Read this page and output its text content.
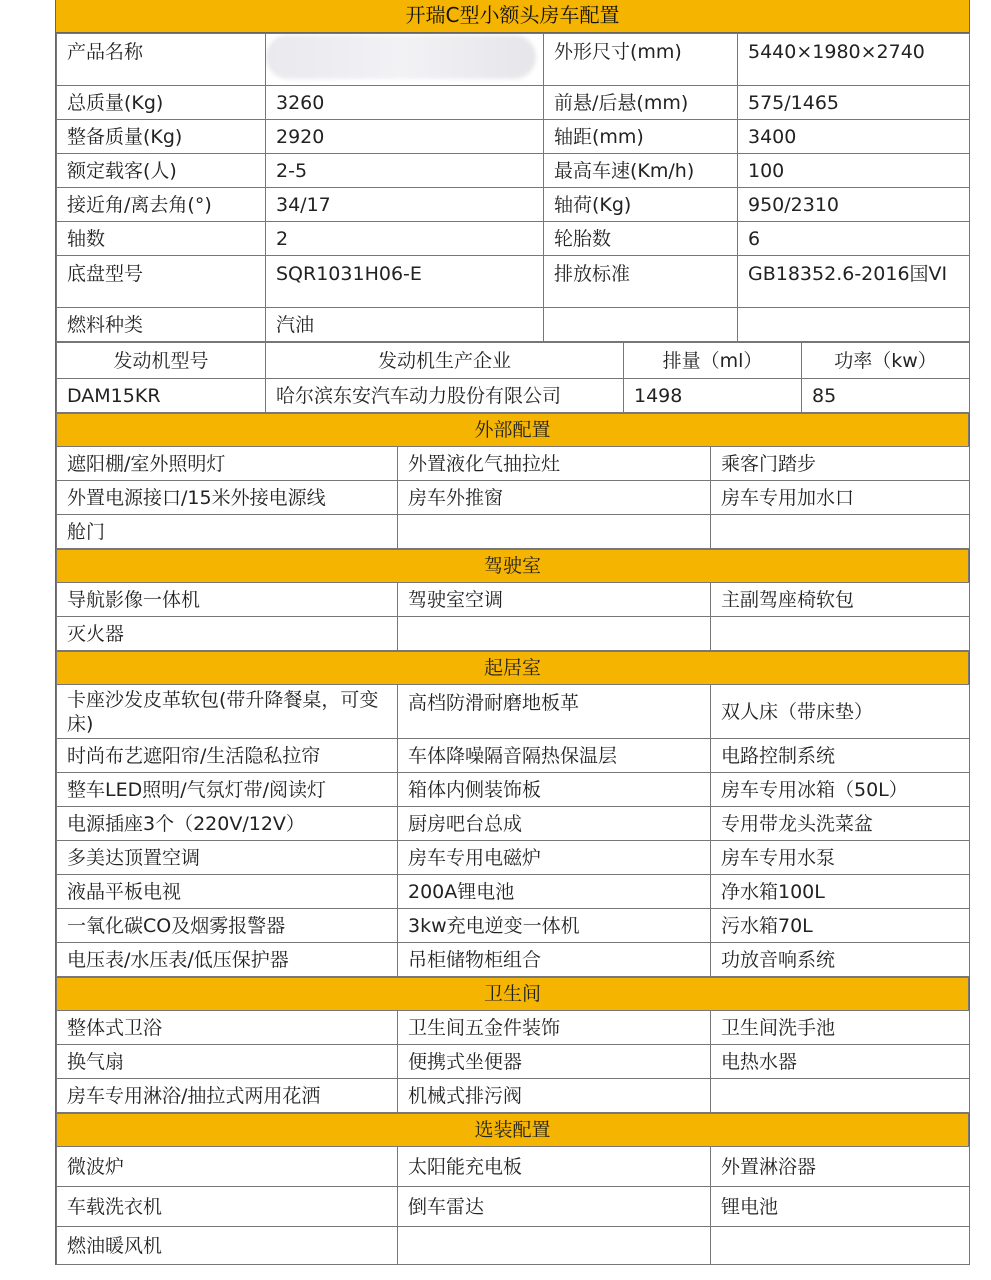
开瑞C型小额头房车配置
产品名称		外形尺寸(mm)	5440×1980×2740
总质量(Kg)	3260	前悬/后悬(mm)	575/1465
整备质量(Kg)	2920	轴距(mm)	3400
额定载客(人)	2-5	最高车速(Km/h)	100
接近角/离去角(°)	34/17	轴荷(Kg)	950/2310
轴数	2	轮胎数	6
底盘型号	SQR1031H06-E	排放标准	GB18352.6-2016国VI
燃料种类	汽油		
发动机型号	发动机生产企业	排量（ml）	功率（kw）
DAM15KR	哈尔滨东安汽车动力股份有限公司	1498	85
外部配置
遮阳棚/室外照明灯	外置液化气抽拉灶	乘客门踏步
外置电源接口/15米外接电源线	房车外推窗	房车专用加水口
舱门		
驾驶室
导航影像一体机	驾驶室空调	主副驾座椅软包
灭火器		
起居室
卡座沙发皮革软包(带升降餐桌，可变床)	高档防滑耐磨地板革	双人床（带床垫）
时尚布艺遮阳帘/生活隐私拉帘	车体降噪隔音隔热保温层	电路控制系统
整车LED照明/气氛灯带/阅读灯	箱体内侧装饰板	房车专用冰箱（50L）
电源插座3个（220V/12V）	厨房吧台总成	专用带龙头洗菜盆
多美达顶置空调	房车专用电磁炉	房车专用水泵
液晶平板电视	200A锂电池	净水箱100L
一氧化碳CO及烟雾报警器	3kw充电逆变一体机	污水箱70L
电压表/水压表/低压保护器	吊柜储物柜组合	功放音响系统
卫生间
整体式卫浴	卫生间五金件装饰	卫生间洗手池
换气扇	便携式坐便器	电热水器
房车专用淋浴/抽拉式两用花洒	机械式排污阀	
选装配置
微波炉	太阳能充电板	外置淋浴器
车载洗衣机	倒车雷达	锂电池
燃油暖风机		
